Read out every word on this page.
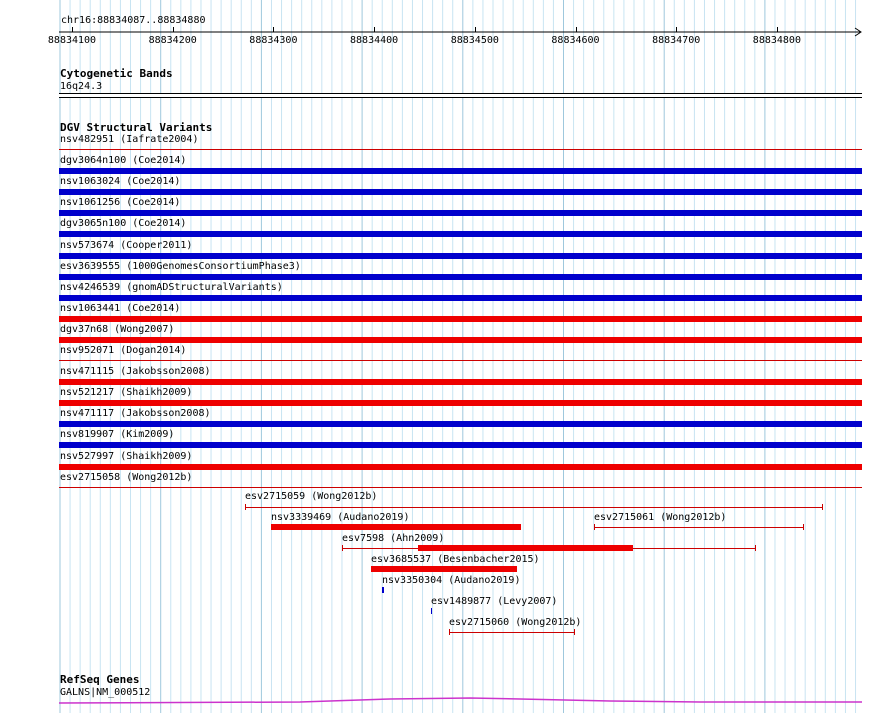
chr16:88834087..88834880
88834100	88834200	88834300	88834400	88834500	88834600	88834700	88834800
Cytogenetic Bands
16q24.3
DGV Structural Variants
nsv482951 (Iafrate2004)
dgv3064n100 (Coe2014)
nsv1063024 (Coe2014)
nsv1061256 (Coe2014)
dgv3065n100 (Coe2014)
nsv573674 (Cooper2011)
esv3639555 (1000GenomesConsortiumPhase3)
nsv4246539 (gnomADStructuralVariants)
nsv1063441 (Coe2014)
dgv37n68 (Wong2007)
nsv952071 (Dogan2014)
nsv471115 (Jakobsson2008)
nsv521217 (Shaikh2009)
nsv471117 (Jakobsson2008)
nsv819907 (Kim2009)
nsv527997 (Shaikh2009)
esv2715058 (Wong2012b)
esv2715059 (Wong2012b)
nsv3339469 (Audano2019)	esv2715061 (Wong2012b)
esv7598 (Ahn2009)
esv3685537 (Besenbacher2015)
nsv3350304 (Audano2019)
esv1489877 (Levy2007)
esv2715060 (Wong2012b)
RefSeq Genes
GALNS|NM_000512
